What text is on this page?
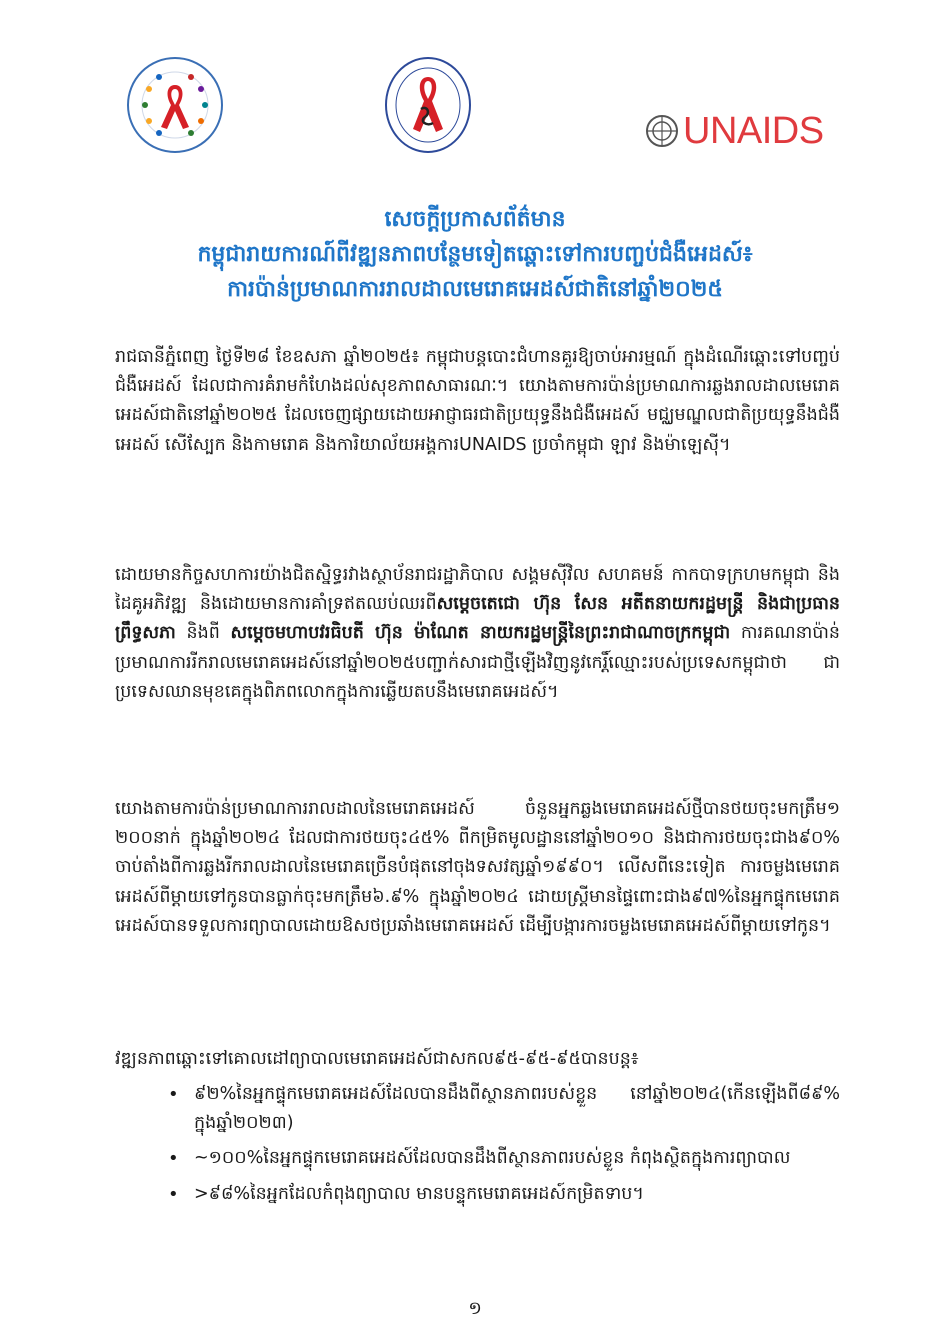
UNAIDS
សេចក្តីប្រកាសព័ត៌មាន
កម្ពុជារាយការណ៍ពីវឌ្ឍនភាពបន្ថែមទៀតឆ្ពោះទៅការបញ្ចប់ជំងឺអេដស៍៖
ការប៉ាន់ប្រមាណការរាលដាលមេរោគអេដស៍ជាតិនៅឆ្នាំ២០២៥
រាជធានីភ្នំពេញ ថ្ងៃទី២៨ ខែឧសភា ឆ្នាំ២០២៥៖ កម្ពុជាបន្តបោះជំហានគួរឱ្យចាប់អារម្មណ៍ ក្នុងដំណើរឆ្ពោះទៅបញ្ចប់ជំងឺអេដស៍ ដែលជាការគំរាមកំហែងដល់សុខភាពសាធារណៈ។ យោងតាមការប៉ាន់ប្រមាណការឆ្លងរាលដាលមេរោគអេដស៍ជាតិនៅឆ្នាំ២០២៥ ដែលចេញផ្សាយដោយអាជ្ញាធរជាតិប្រយុទ្ធនឹងជំងឺអេដស៍ មជ្ឈមណ្ឌលជាតិប្រយុទ្ធនឹងជំងឺអេដស៍ សើស្បែក និងកាមរោគ និងការិយាល័យអង្គការUNAIDS ប្រចាំកម្ពុជា ឡាវ និងម៉ាឡេស៊ី។
ដោយមានកិច្ចសហការយ៉ាងជិតស្និទ្ធរវាងស្ថាប័នរាជរដ្ឋាភិបាល សង្គមស៊ីវិល សហគមន៍ កាកបាទក្រហមកម្ពុជា និងដៃគូអភិវឌ្ឍ និងដោយមានការគាំទ្រឥតឈប់ឈរពីសម្តេចតេជោ ហ៊ុន សែន អតីតនាយករដ្ឋមន្ត្រី និងជាប្រធានព្រឹទ្ធសភា និងពី សម្តេចមហាបវរធិបតី ហ៊ុន ម៉ាណែត នាយករដ្ឋមន្ត្រីនៃព្រះរាជាណាចក្រកម្ពុជា ការគណនាប៉ាន់ប្រមាណការរីករាលមេរោគអេដស៍នៅឆ្នាំ២០២៥បញ្ជាក់សារជាថ្មីឡើងវិញនូវកេរ្តិ៍ឈ្មោះរបស់ប្រទេសកម្ពុជាថា ជាប្រទេសឈានមុខគេក្នុងពិភពលោកក្នុងការឆ្លើយតបនឹងមេរោគអេដស៍។
យោងតាមការប៉ាន់ប្រមាណការរាលដាលនៃមេរោគអេដស៍ ចំនួនអ្នកឆ្លងមេរោគអេដស៍ថ្មីបានថយចុះមកត្រឹម១ ២០០នាក់ ក្នុងឆ្នាំ២០២៤ ដែលជាការថយចុះ៤៥% ពីកម្រិតមូលដ្ឋាននៅឆ្នាំ២០១០ និងជាការថយចុះជាង៩០% ចាប់តាំងពីការឆ្លងរីករាលដាលនៃមេរោគច្រើនបំផុតនៅចុងទសវត្សឆ្នាំ១៩៩០។ លើសពីនេះទៀត ការចម្លងមេរោគអេដស៍ពីម្តាយទៅកូនបានធ្លាក់ចុះមកត្រឹម៦.៩% ក្នុងឆ្នាំ២០២៤ ដោយស្ត្រីមានផ្ទៃពោះជាង៩៧%នៃអ្នកផ្ទុកមេរោគអេដស៍បានទទួលការព្យាបាលដោយឱសថប្រឆាំងមេរោគអេដស៍ ដើម្បីបង្ការការចម្លងមេរោគអេដស៍ពីម្តាយទៅកូន។
វឌ្ឍនភាពឆ្ពោះទៅគោលដៅព្យាបាលមេរោគអេដស៍ជាសកល៩៥-៩៥-៩៥បានបន្ត៖
• ៩២%នៃអ្នកផ្ទុកមេរោគអេដស៍ដែលបានដឹងពីស្ថានភាពរបស់ខ្លួន នៅឆ្នាំ២០២៤(កើនឡើងពី៨៩% ក្នុងឆ្នាំ២០២៣)
• ~១០០%នៃអ្នកផ្ទុកមេរោគអេដស៍ដែលបានដឹងពីស្ថានភាពរបស់ខ្លួន កំពុងស្ថិតក្នុងការព្យាបាល
• >៩៨%នៃអ្នកដែលកំពុងព្យាបាល មានបន្ទុកមេរោគអេដស៍កម្រិតទាប។
១
